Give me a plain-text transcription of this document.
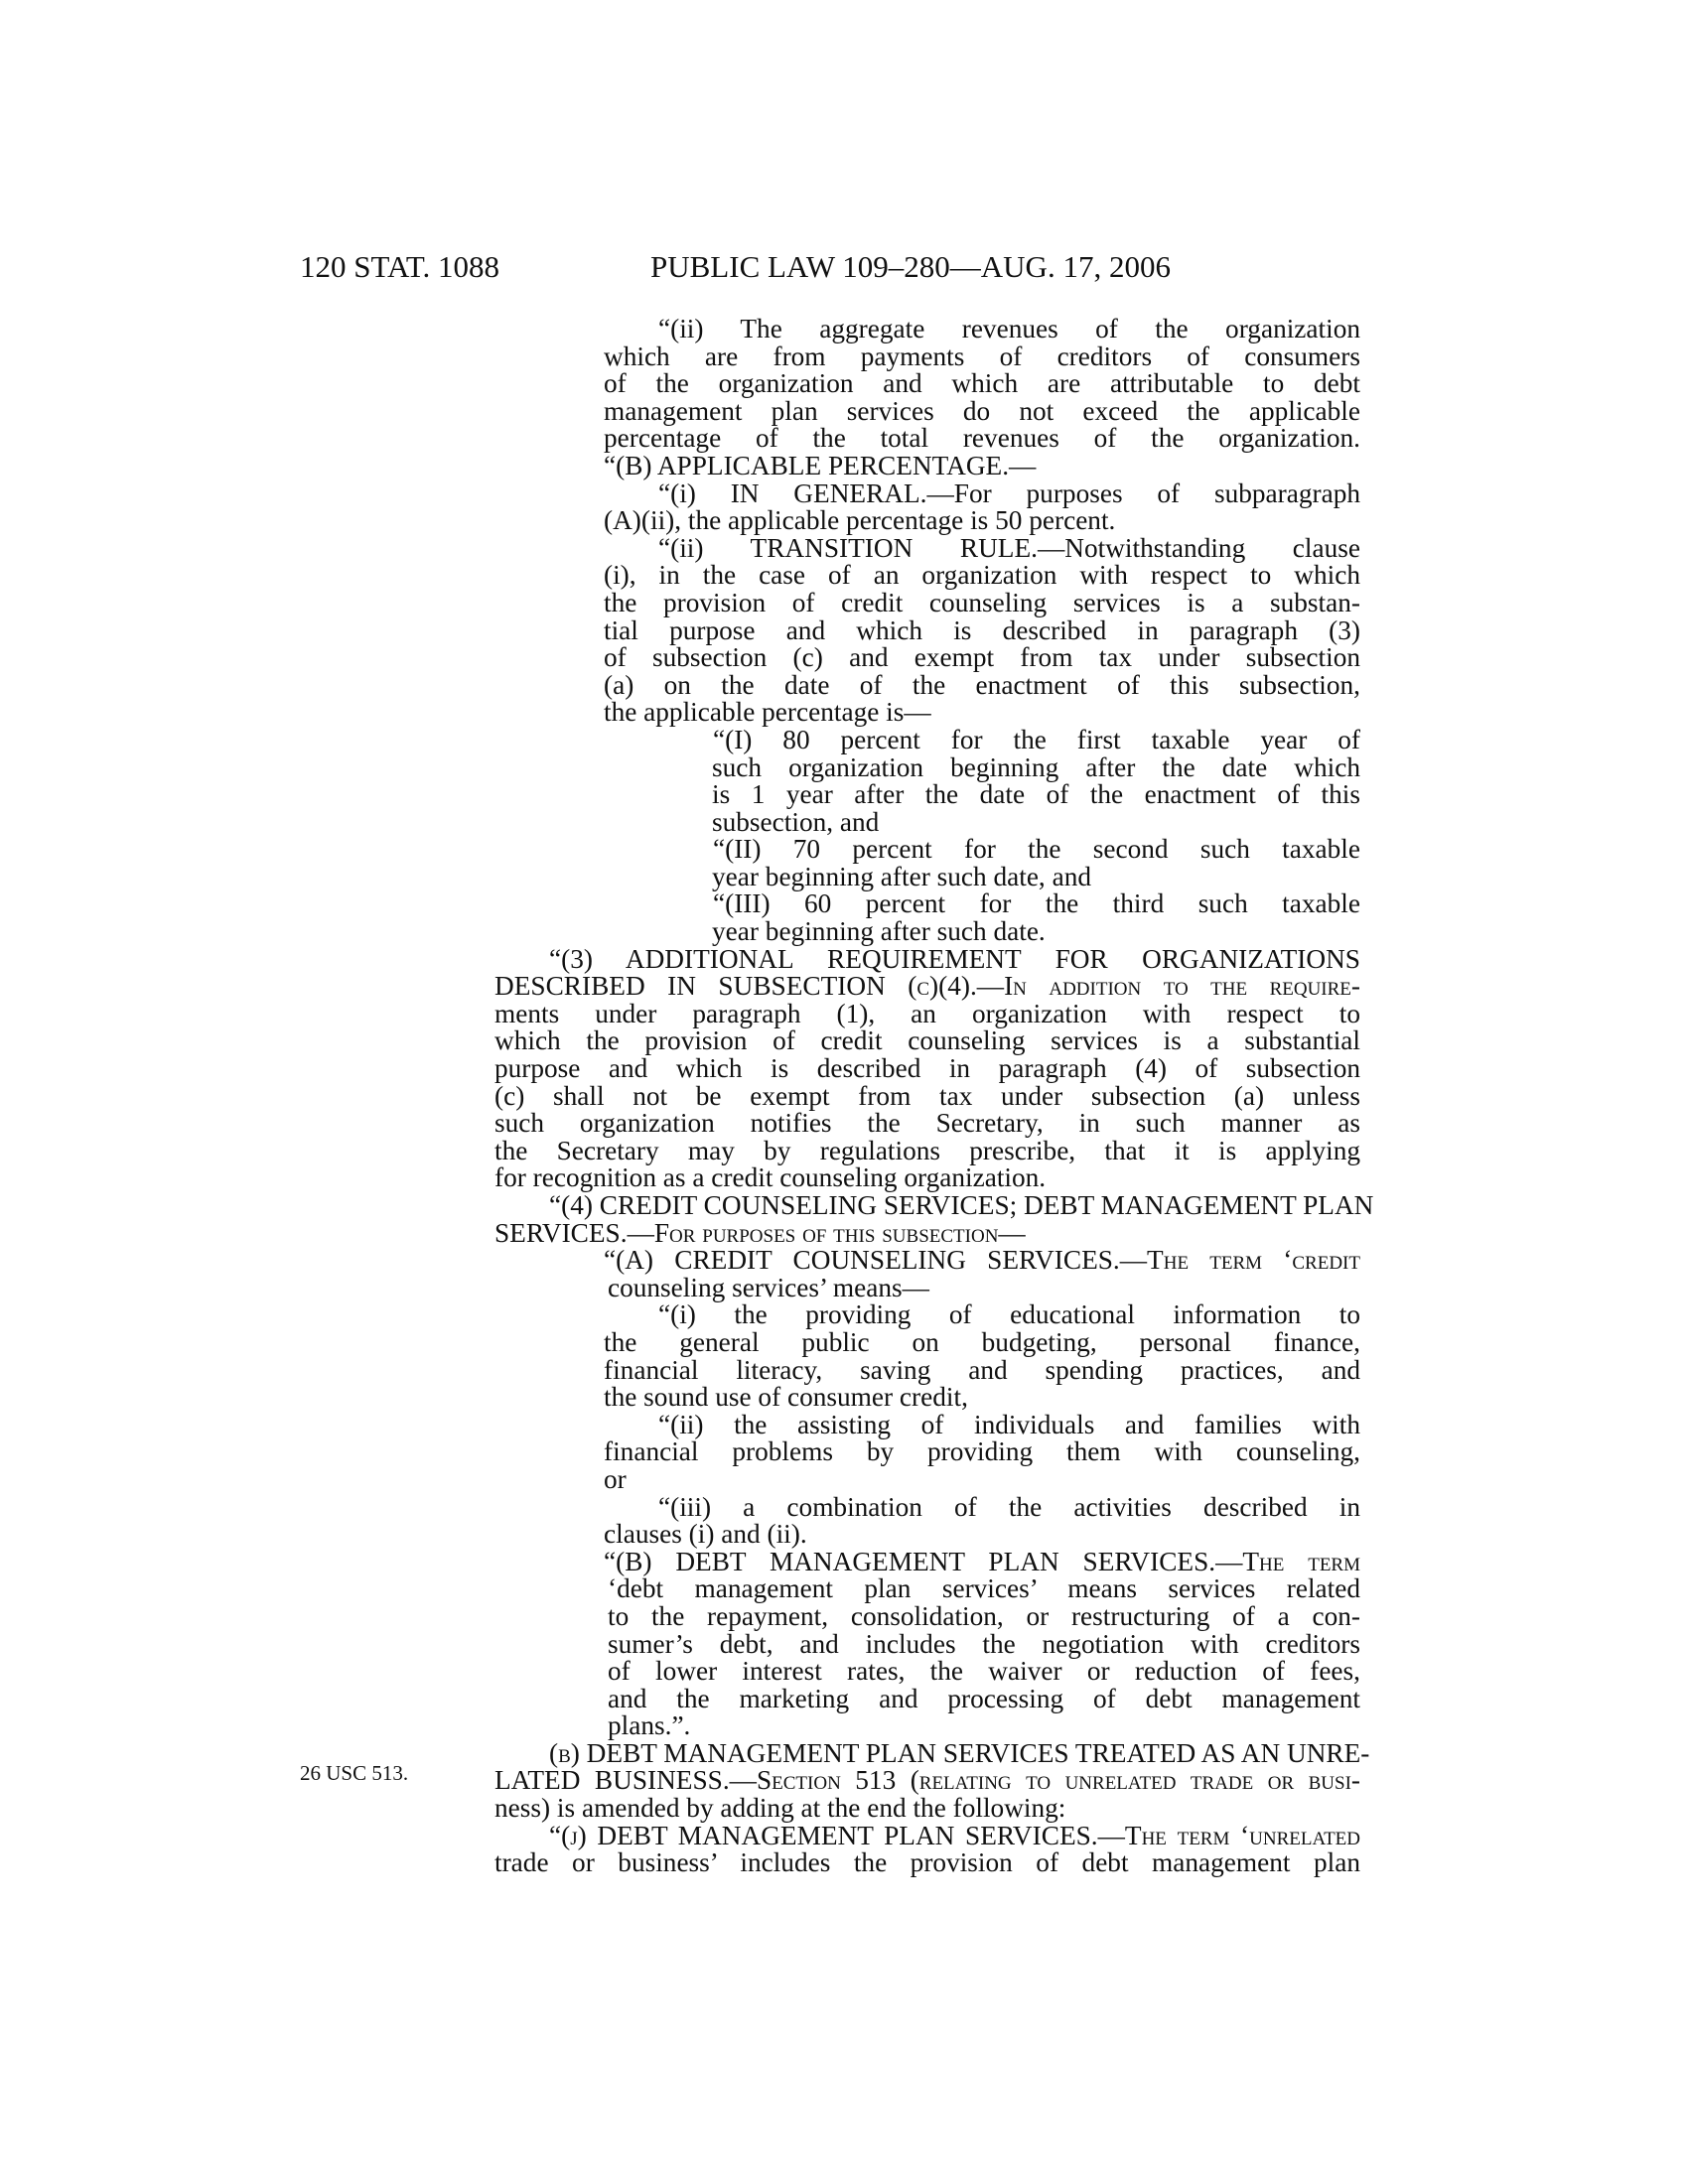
120 STAT. 1088	PUBLIC LAW 109–280—AUG. 17, 2006
26 USC 513.
“(ii) The aggregate revenues of the organization
which are from payments of creditors of consumers
of the organization and which are attributable to debt
management plan services do not exceed the applicable
percentage of the total revenues of the organization.
“(B) APPLICABLE PERCENTAGE.—
“(i) IN GENERAL.—For purposes of subparagraph
(A)(ii), the applicable percentage is 50 percent.
“(ii) TRANSITION RULE.—Notwithstanding clause
(i), in the case of an organization with respect to which
the provision of credit counseling services is a substan-
tial purpose and which is described in paragraph (3)
of subsection (c) and exempt from tax under subsection
(a) on the date of the enactment of this subsection,
the applicable percentage is—
“(I) 80 percent for the first taxable year of
such organization beginning after the date which
is 1 year after the date of the enactment of this
subsection, and
“(II) 70 percent for the second such taxable
year beginning after such date, and
“(III) 60 percent for the third such taxable
year beginning after such date.
“(3) ADDITIONAL REQUIREMENT FOR ORGANIZATIONS
DESCRIBED IN SUBSECTION (c)(4).—In addition to the require-
ments under paragraph (1), an organization with respect to
which the provision of credit counseling services is a substantial
purpose and which is described in paragraph (4) of subsection
(c) shall not be exempt from tax under subsection (a) unless
such organization notifies the Secretary, in such manner as
the Secretary may by regulations prescribe, that it is applying
for recognition as a credit counseling organization.
“(4) CREDIT COUNSELING SERVICES; DEBT MANAGEMENT PLAN
SERVICES.—For purposes of this subsection—
“(A) CREDIT COUNSELING SERVICES.—The term ‘credit
counseling services’ means—
“(i) the providing of educational information to
the general public on budgeting, personal finance,
financial literacy, saving and spending practices, and
the sound use of consumer credit,
“(ii) the assisting of individuals and families with
financial problems by providing them with counseling,
or
“(iii) a combination of the activities described in
clauses (i) and (ii).
“(B) DEBT MANAGEMENT PLAN SERVICES.—The term
‘debt management plan services’ means services related
to the repayment, consolidation, or restructuring of a con-
sumer’s debt, and includes the negotiation with creditors
of lower interest rates, the waiver or reduction of fees,
and the marketing and processing of debt management
plans.”.
(b) DEBT MANAGEMENT PLAN SERVICES TREATED AS AN UNRE-
LATED BUSINESS.—Section 513 (relating to unrelated trade or busi-
ness) is amended by adding at the end the following:
“(j) DEBT MANAGEMENT PLAN SERVICES.—The term ‘unrelated
trade or business’ includes the provision of debt management plan
